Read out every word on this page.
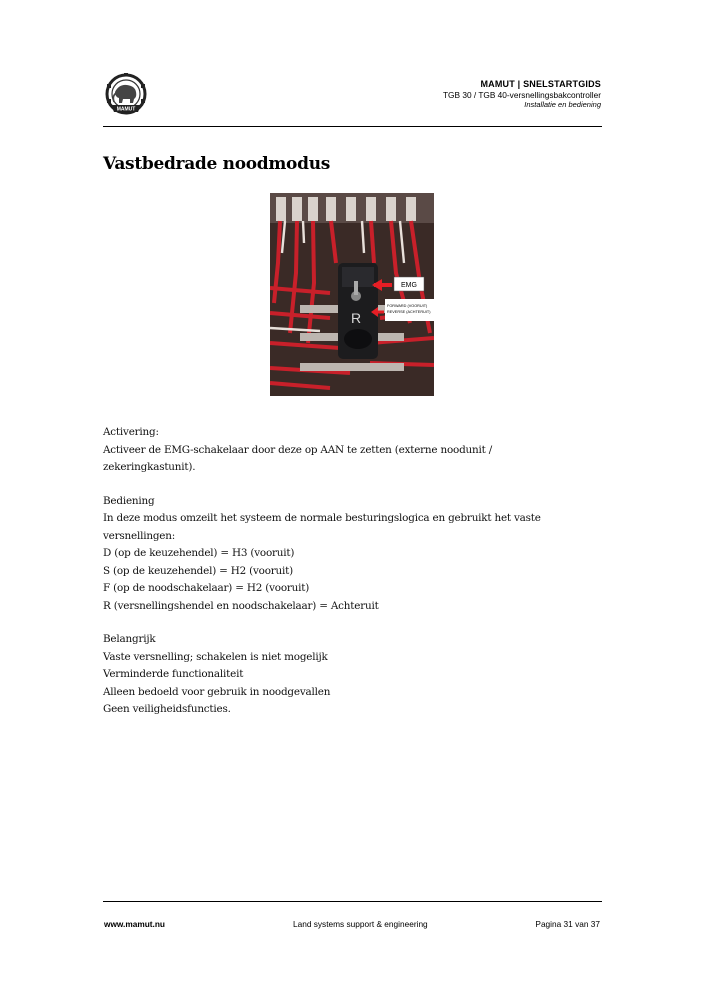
MAMUT
MAMUT | SNELSTARTGIDS
TGB 30 / TGB 40-versnellingsbakcontroller
Installatie en bediening
Vastbedrade noodmodus
R
EMG
FORWARD (VOORUIT)
REVERSE (ACHTERUIT)

Activering:

Activeer de EMG-schakelaar door deze op AAN te zetten (externe noodunit / zekeringkastunit).

Bediening

In deze modus omzeilt het systeem de normale besturingslogica en gebruikt het vaste versnellingen:

D (op de keuzehendel) = H3 (vooruit)

S (op de keuzehendel) = H2 (vooruit)

F (op de noodschakelaar) = H2 (vooruit)

R (versnellingshendel en noodschakelaar) = Achteruit

Belangrijk

Vaste versnelling; schakelen is niet mogelijk

Verminderde functionaliteit

Alleen bedoeld voor gebruik in noodgevallen

Geen veiligheidsfuncties.

www.mamut.nu	Land systems support & engineering	Pagina 31 van 37
